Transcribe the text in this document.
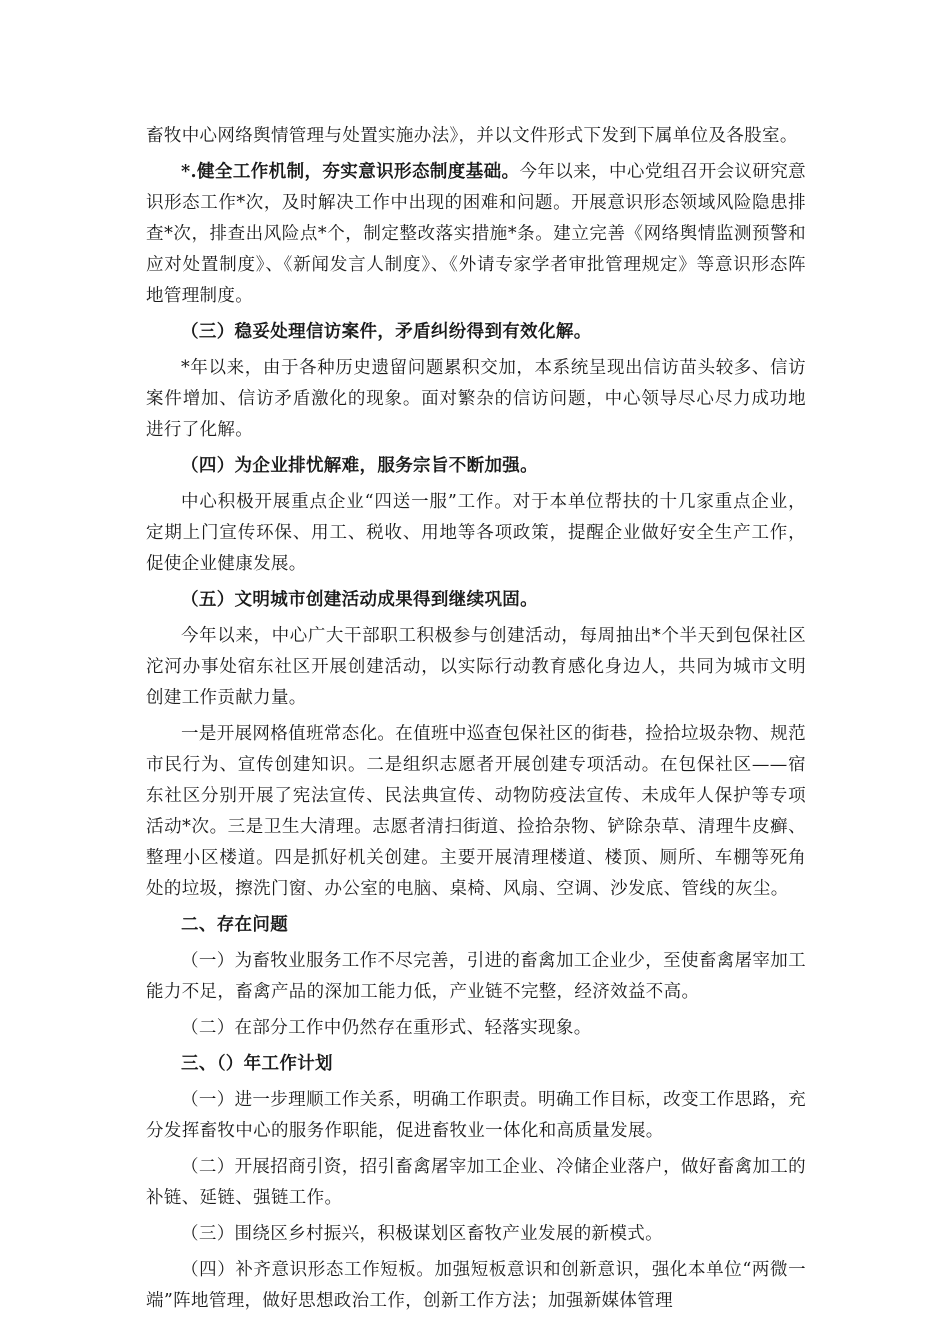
畜牧中心网络舆情管理与处置实施办法》，并以文件形式下发到下属单位及各股室。

*.健全工作机制，夯实意识形态制度基础。今年以来，中心党组召开会议研究意识形态工作*次，及时解决工作中出现的困难和问题。开展意识形态领域风险隐患排查*次，排查出风险点*个，制定整改落实措施*条。建立完善《网络舆情监测预警和应对处置制度》、《新闻发言人制度》、《外请专家学者审批管理规定》等意识形态阵地管理制度。

（三）稳妥处理信访案件，矛盾纠纷得到有效化解。

*年以来，由于各种历史遗留问题累积交加，本系统呈现出信访苗头较多、信访案件增加、信访矛盾激化的现象。面对繁杂的信访问题，中心领导尽心尽力成功地进行了化解。

（四）为企业排忧解难，服务宗旨不断加强。

中心积极开展重点企业“四送一服”工作。对于本单位帮扶的十几家重点企业，定期上门宣传环保、用工、税收、用地等各项政策，提醒企业做好安全生产工作，促使企业健康发展。

（五）文明城市创建活动成果得到继续巩固。

今年以来，中心广大干部职工积极参与创建活动，每周抽出*个半天到包保社区沱河办事处宿东社区开展创建活动，以实际行动教育感化身边人，共同为城市文明创建工作贡献力量。

一是开展网格值班常态化。在值班中巡查包保社区的街巷，捡拾垃圾杂物、规范市民行为、宣传创建知识。二是组织志愿者开展创建专项活动。在包保社区——宿东社区分别开展了宪法宣传、民法典宣传、动物防疫法宣传、未成年人保护等专项活动*次。三是卫生大清理。志愿者清扫街道、捡拾杂物、铲除杂草、清理牛皮癣、整理小区楼道。四是抓好机关创建。主要开展清理楼道、楼顶、厕所、车棚等死角处的垃圾，擦洗门窗、办公室的电脑、桌椅、风扇、空调、沙发底、管线的灰尘。

二、存在问题

（一）为畜牧业服务工作不尽完善，引进的畜禽加工企业少，至使畜禽屠宰加工能力不足，畜禽产品的深加工能力低，产业链不完整，经济效益不高。

（二）在部分工作中仍然存在重形式、轻落实现象。

三、（）年工作计划

（一）进一步理顺工作关系，明确工作职责。明确工作目标，改变工作思路，充分发挥畜牧中心的服务作职能，促进畜牧业一体化和高质量发展。

（二）开展招商引资，招引畜禽屠宰加工企业、冷储企业落户，做好畜禽加工的补链、延链、强链工作。

（三）围绕区乡村振兴，积极谋划区畜牧产业发展的新模式。

（四）补齐意识形态工作短板。加强短板意识和创新意识，强化本单位“两微一端”阵地管理，做好思想政治工作，创新工作方法；加强新媒体管理
